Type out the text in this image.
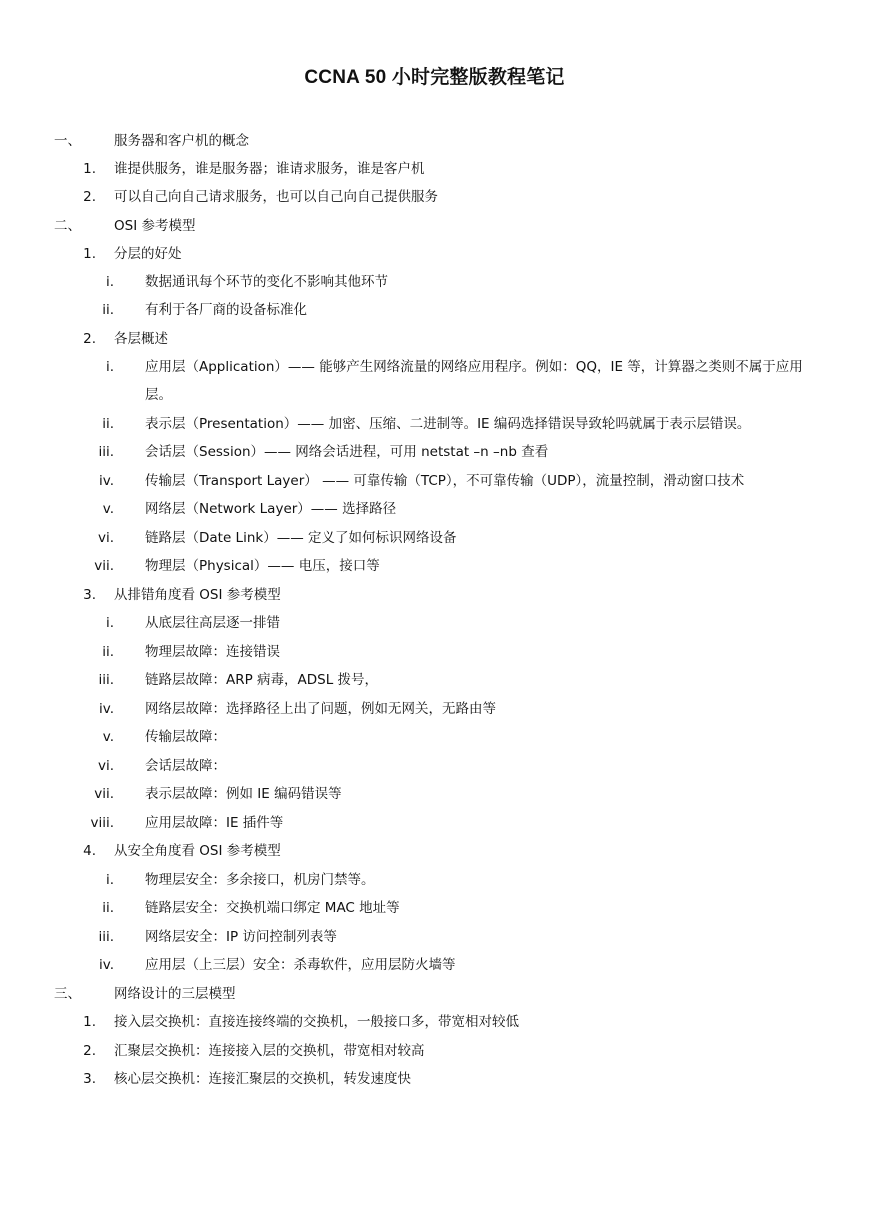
CCNA 50 小时完整版教程笔记
一、	服务器和客户机的概念
1. 谁提供服务，谁是服务器；谁请求服务，谁是客户机
2. 可以自己向自己请求服务，也可以自己向自己提供服务
二、	OSI 参考模型
1. 分层的好处
i. 数据通讯每个环节的变化不影响其他环节
ii. 有利于各厂商的设备标准化
2. 各层概述
i. 应用层（Application）—— 能够产生网络流量的网络应用程序。例如：QQ，IE 等，计算器之类则不属于应用层。
ii. 表示层（Presentation）—— 加密、压缩、二进制等。IE 编码选择错误导致轮吗就属于表示层错误。
iii. 会话层（Session）—— 网络会话进程，可用 netstat –n –nb 查看
iv. 传输层（Transport Layer） —— 可靠传输（TCP），不可靠传输（UDP），流量控制，滑动窗口技术
v. 网络层（Network Layer）—— 选择路径
vi. 链路层（Date Link）—— 定义了如何标识网络设备
vii. 物理层（Physical）—— 电压，接口等
3. 从排错角度看 OSI 参考模型
i. 从底层往高层逐一排错
ii. 物理层故障：连接错误
iii. 链路层故障：ARP 病毒，ADSL 拨号，
iv. 网络层故障：选择路径上出了问题，例如无网关，无路由等
v. 传输层故障：
vi. 会话层故障：
vii. 表示层故障：例如 IE 编码错误等
viii. 应用层故障：IE 插件等
4. 从安全角度看 OSI 参考模型
i. 物理层安全：多余接口，机房门禁等。
ii. 链路层安全：交换机端口绑定 MAC 地址等
iii. 网络层安全：IP 访问控制列表等
iv. 应用层（上三层）安全：杀毒软件，应用层防火墙等
三、	网络设计的三层模型
1. 接入层交换机：直接连接终端的交换机，一般接口多，带宽相对较低
2. 汇聚层交换机：连接接入层的交换机，带宽相对较高
3. 核心层交换机：连接汇聚层的交换机，转发速度快
